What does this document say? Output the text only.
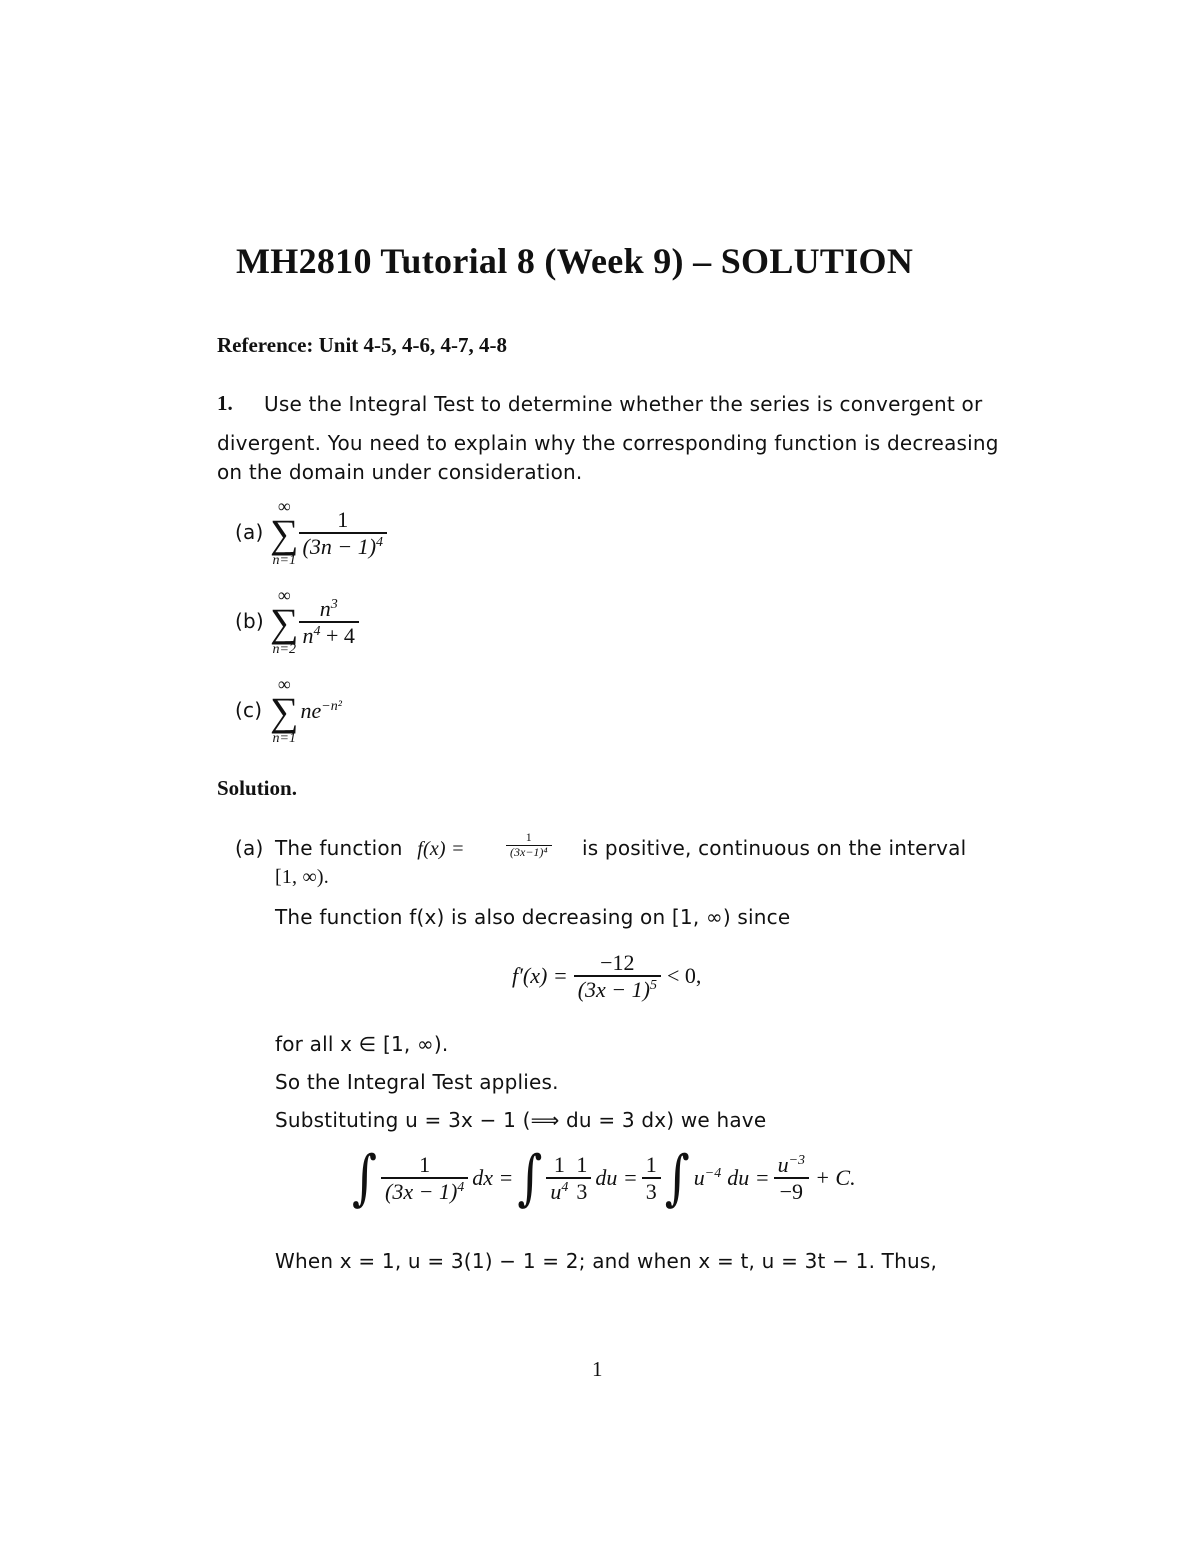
MH2810 Tutorial 8 (Week 9) – SOLUTION
Reference: Unit 4-5, 4-6, 4-7, 4-8
1. Use the Integral Test to determine whether the series is convergent or
divergent. You need to explain why the corresponding function is decreasing
on the domain under consideration.
(a)
∞
∑
n=1
$\frac{1}{(3n - 1)^4}$
(b)
∞
∑
n=2
$\frac{n^3}{n^4 + 4}$
(c)
∞
∑
n=1
$ne^{-n^2}$
Solution.
(a) The function f(x) =	$\frac{1}{\text{(3x−1)⁴}}$ is positive, continuous on the interval
[1, ∞).
The function f(x) is also decreasing on [1, ∞) since
$f'(x) = \frac{-12}{(3x - 1)^5} < 0$,
for all x ∈ [1, ∞).
So the Integral Test applies.
Substituting u = 3x − 1 (⟹ du = 3 dx) we have
∫ $\frac{1}{(3x - 1)^4}$ dx = ∫ $\frac{1}{u^4} \frac{1}{3}$ du = $\frac{1}{3}$ ∫ $u^{-4}$ du = $\frac{u^{-3}}{-9} + C$.
When x = 1, u = 3(1) − 1 = 2; and when x = t, u = 3t − 1. Thus,
1
